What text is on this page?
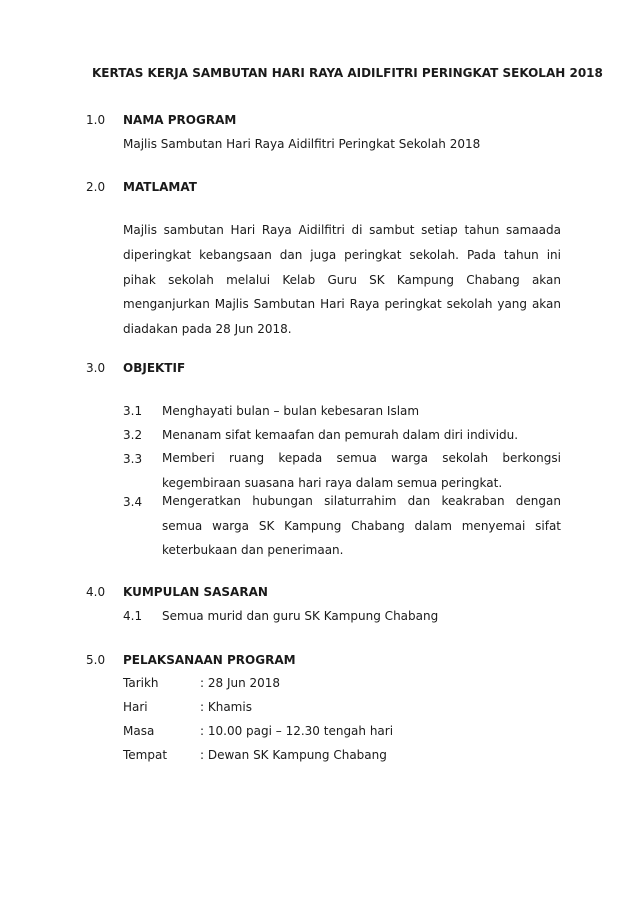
KERTAS KERJA SAMBUTAN HARI RAYA AIDILFITRI PERINGKAT SEKOLAH 2018
1.0 NAMA PROGRAM
Majlis Sambutan Hari Raya Aidilfitri Peringkat Sekolah 2018
2.0 MATLAMAT
Majlis sambutan Hari Raya Aidilfitri di sambut setiap tahun samaada diperingkat kebangsaan dan juga peringkat sekolah. Pada tahun ini pihak sekolah melalui Kelab Guru SK Kampung Chabang akan menganjurkan Majlis Sambutan Hari Raya peringkat sekolah yang akan diadakan pada 28 Jun 2018.
3.0 OBJEKTIF
3.1 Menghayati bulan – bulan kebesaran Islam
3.2 Menanam sifat kemaafan dan pemurah dalam diri individu.
3.3 Memberi ruang kepada semua warga sekolah berkongsi kegembiraan suasana hari raya dalam semua peringkat.
3.4 Mengeratkan hubungan silaturrahim dan keakraban dengan semua warga SK Kampung Chabang dalam menyemai sifat keterbukaan dan penerimaan.
4.0 KUMPULAN SASARAN
4.1 Semua murid dan guru SK Kampung Chabang
5.0 PELAKSANAAN PROGRAM
Tarikh	: 28 Jun 2018
Hari	: Khamis
Masa	: 10.00 pagi – 12.30 tengah hari
Tempat	: Dewan SK Kampung Chabang
